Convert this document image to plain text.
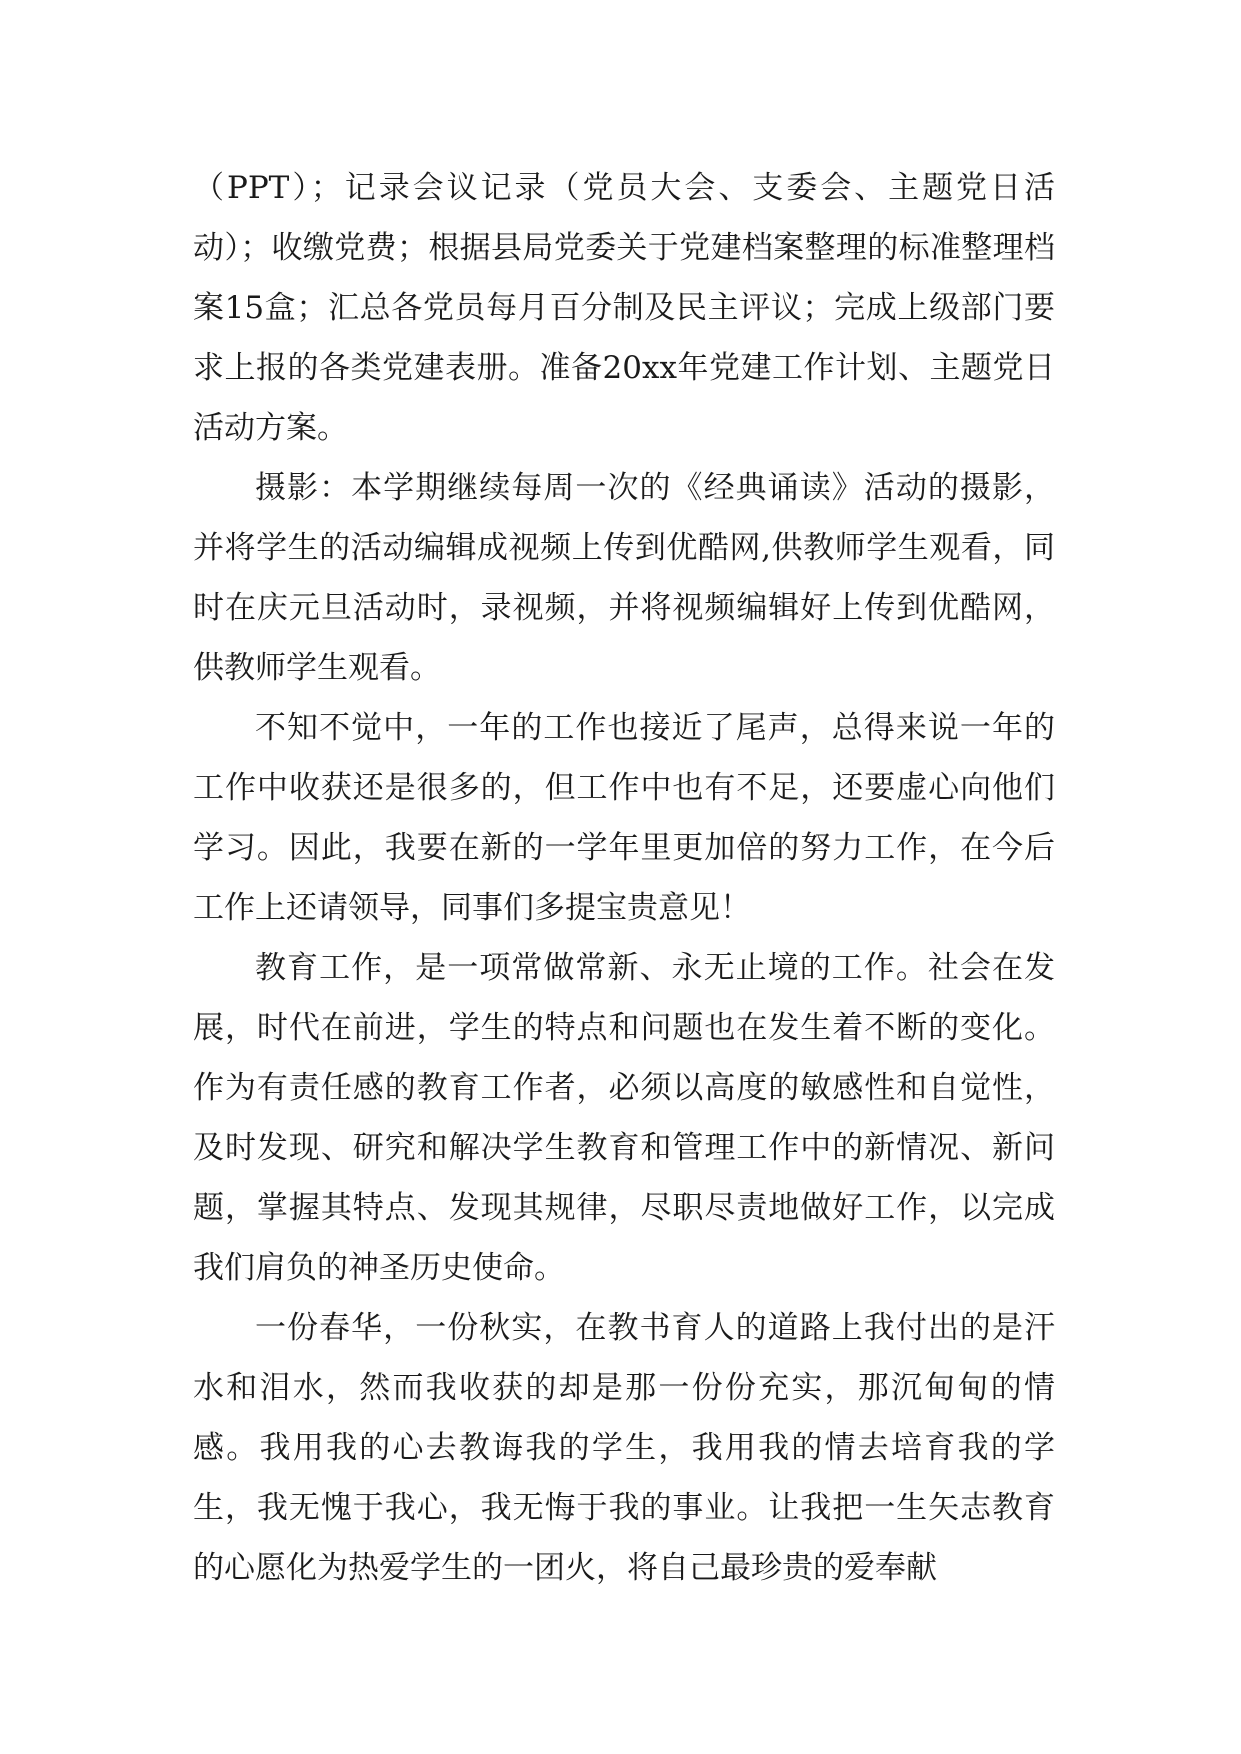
（PPT）；记录会议记录（党员大会、支委会、主题党日活动）；收缴党费；根据县局党委关于党建档案整理的标准整理档案15盒；汇总各党员每月百分制及民主评议；完成上级部门要求上报的各类党建表册。准备20xx年党建工作计划、主题党日活动方案。

摄影：本学期继续每周一次的《经典诵读》活动的摄影，并将学生的活动编辑成视频上传到优酷网,供教师学生观看，同时在庆元旦活动时，录视频，并将视频编辑好上传到优酷网，供教师学生观看。

不知不觉中，一年的工作也接近了尾声，总得来说一年的工作中收获还是很多的，但工作中也有不足，还要虚心向他们学习。因此，我要在新的一学年里更加倍的努力工作，在今后工作上还请领导，同事们多提宝贵意见！

教育工作，是一项常做常新、永无止境的工作。社会在发展，时代在前进，学生的特点和问题也在发生着不断的变化。作为有责任感的教育工作者，必须以高度的敏感性和自觉性，及时发现、研究和解决学生教育和管理工作中的新情况、新问题，掌握其特点、发现其规律，尽职尽责地做好工作，以完成我们肩负的神圣历史使命。

一份春华，一份秋实，在教书育人的道路上我付出的是汗水和泪水，然而我收获的却是那一份份充实，那沉甸甸的情感。我用我的心去教诲我的学生，我用我的情去培育我的学生，我无愧于我心，我无悔于我的事业。让我把一生矢志教育的心愿化为热爱学生的一团火，将自己最珍贵的爱奉献
